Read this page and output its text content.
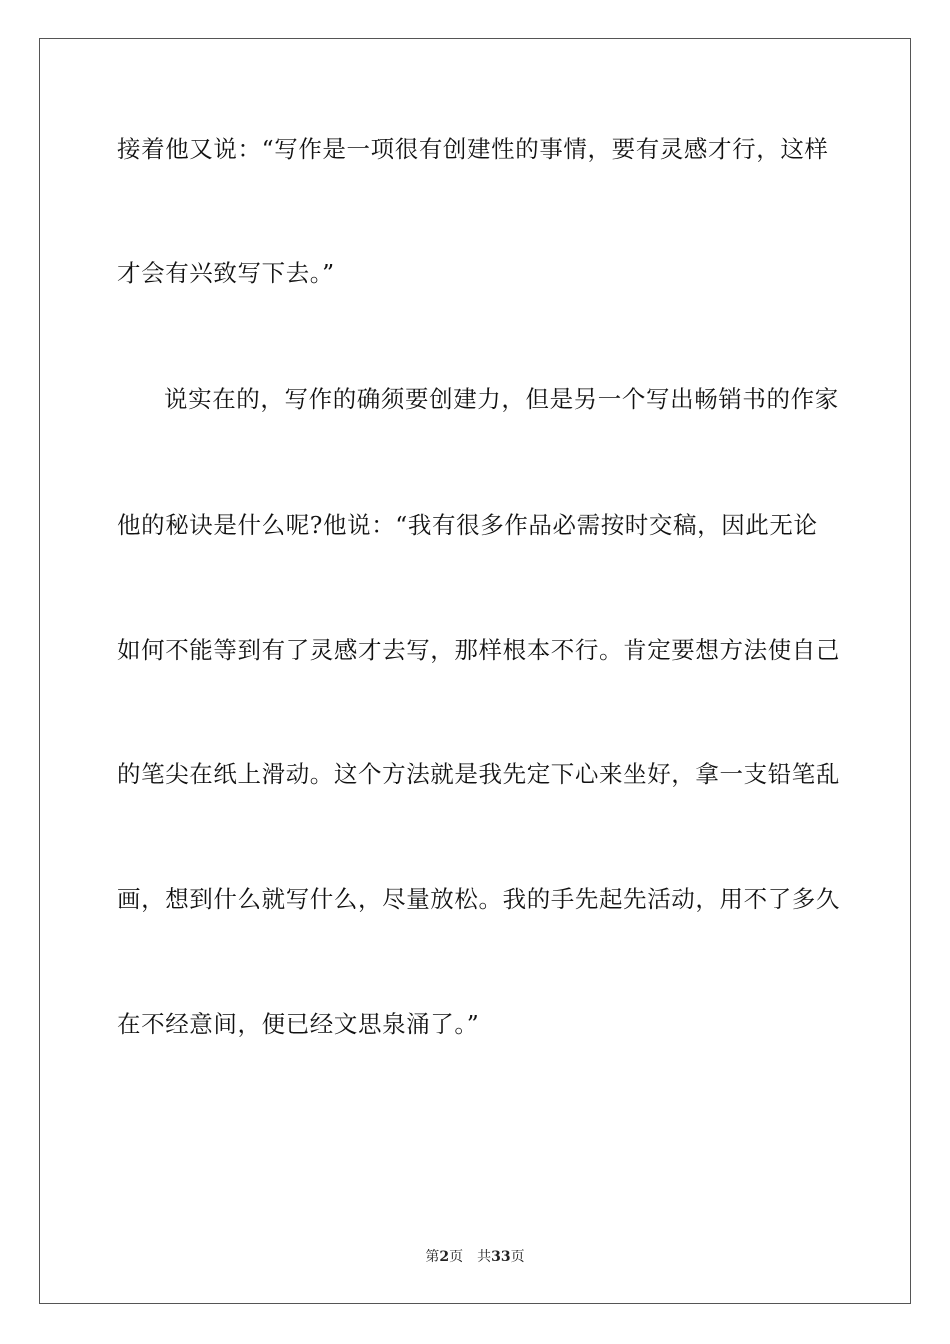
接着他又说：“写作是一项很有创建性的事情，要有灵感才行，这样
才会有兴致写下去。”
说实在的，写作的确须要创建力，但是另一个写出畅销书的作家
他的秘诀是什么呢?他说：“我有很多作品必需按时交稿，因此无论
如何不能等到有了灵感才去写，那样根本不行。肯定要想方法使自己
的笔尖在纸上滑动。这个方法就是我先定下心来坐好，拿一支铅笔乱
画，想到什么就写什么，尽量放松。我的手先起先活动，用不了多久
在不经意间，便已经文思泉涌了。”
第2页 共33页
